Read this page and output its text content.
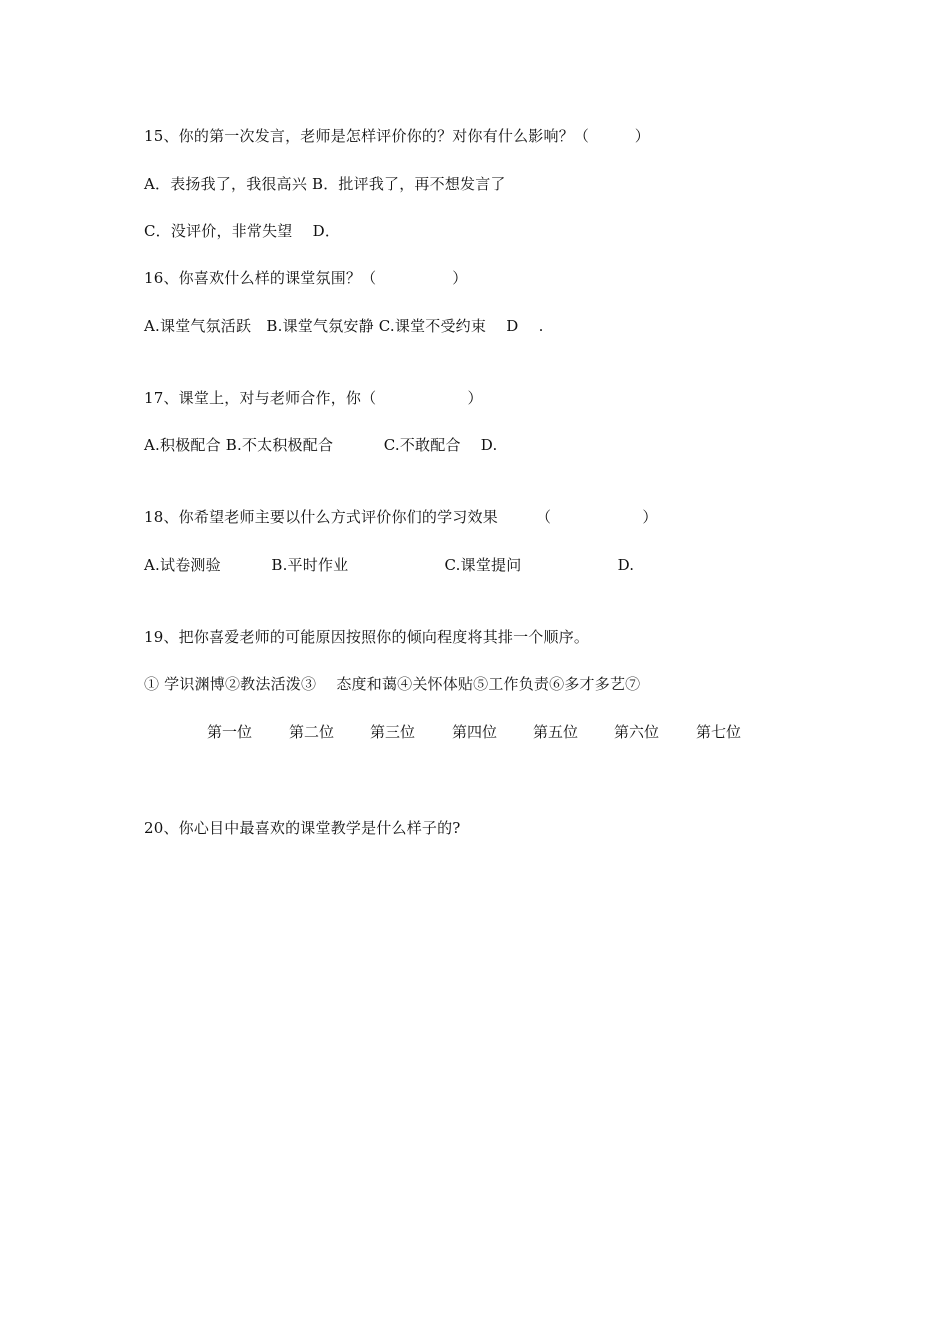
15、你的第一次发言，老师是怎样评价你的？对你有什么影响？（　　　）
A．表扬我了，我很高兴 B．批评我了，再不想发言了
C．没评价，非常失望　 D．
16、你喜欢什么样的课堂氛围？（　　　　　）
A.课堂气氛活跃　B.课堂气氛安静 C.课堂不受约束　 D　 .
17、课堂上，对与老师合作，你（　　　　　　）
A.积极配合 B.不太积极配合　　　 C.不敢配合　 D.
18、你希望老师主要以什么方式评价你们的学习效果　　　（　　　　　　）
A.试卷测验　　　 B.平时作业　　　　　　 C.课堂提问　　　　　　 D.
19、把你喜爱老师的可能原因按照你的倾向程度将其排一个顺序。
① 学识渊博②教法活泼③　 态度和蔼④关怀体贴⑤工作负责⑥多才多艺⑦
第一位 第二位 第三位 第四位 第五位 第六位 第七位
20、你心目中最喜欢的课堂教学是什么样子的?
